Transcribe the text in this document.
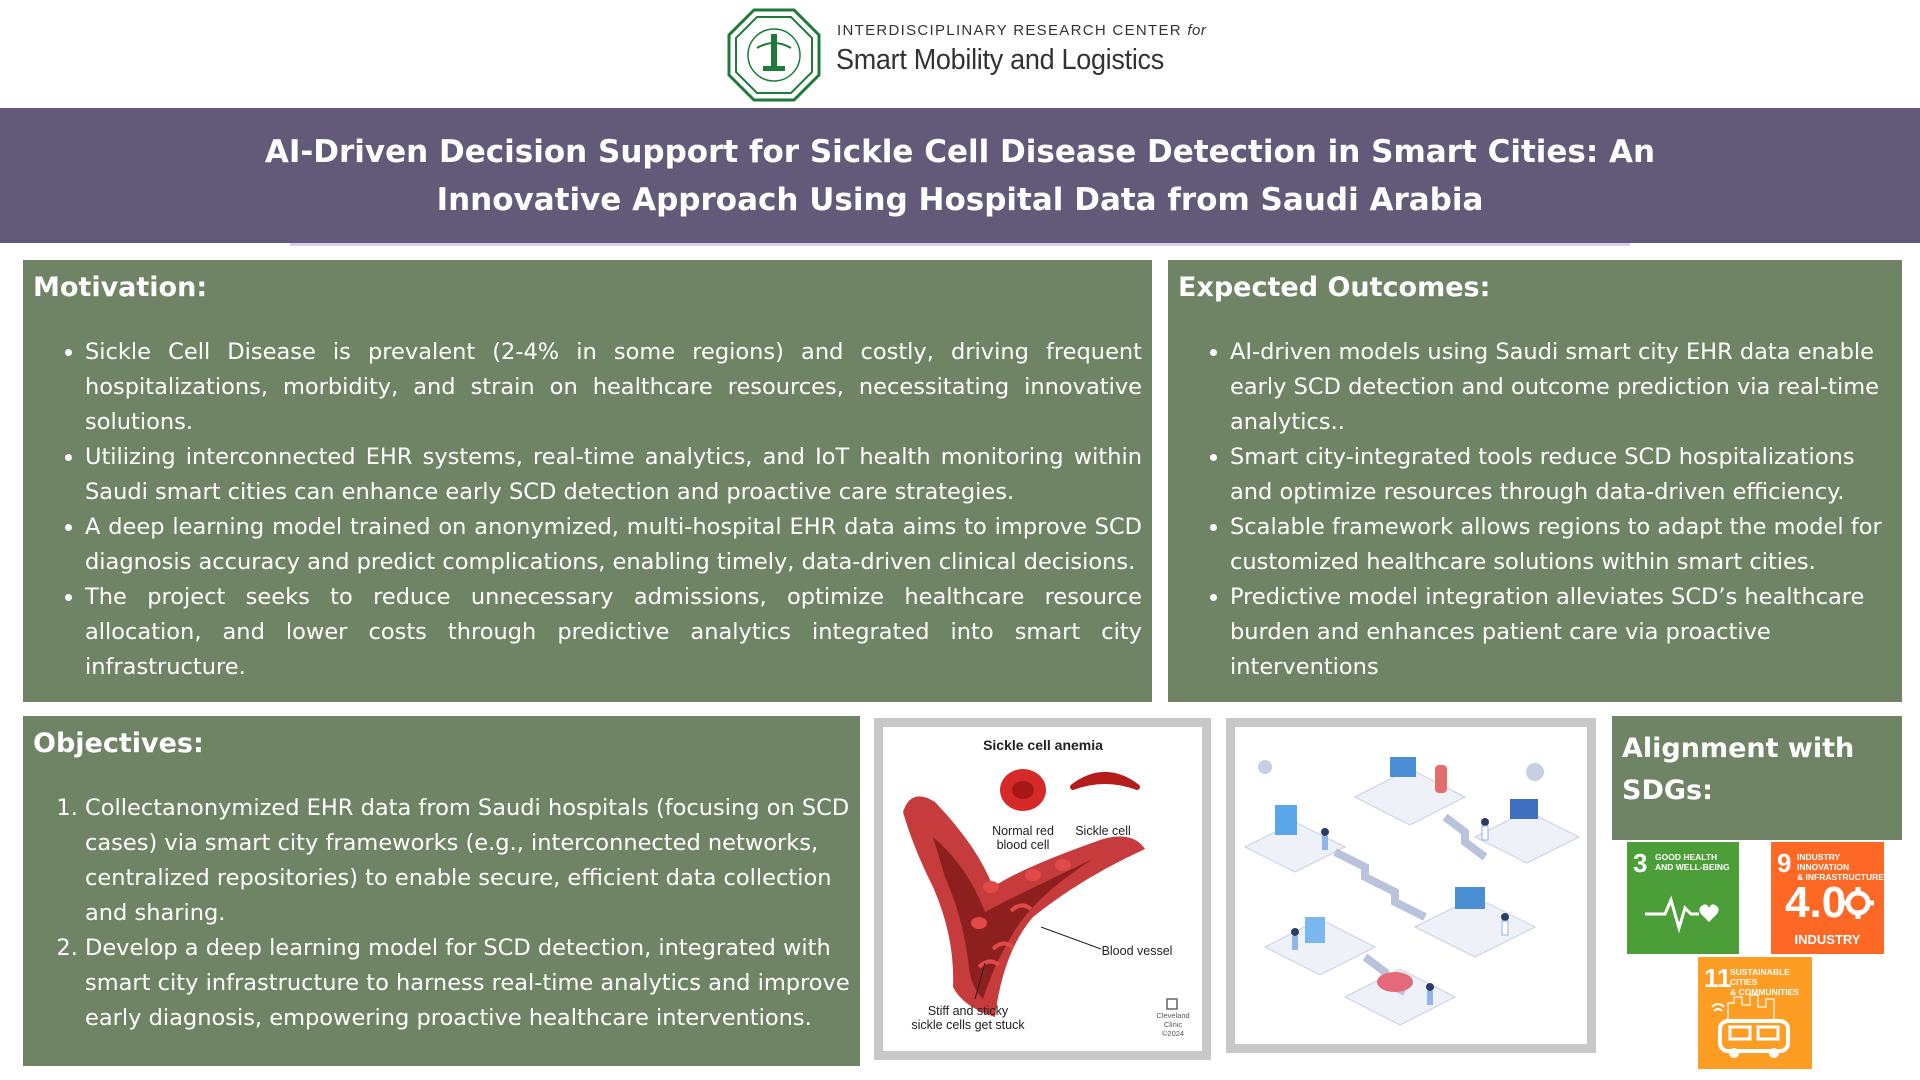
INTERDISCIPLINARY RESEARCH CENTER for
Smart Mobility and Logistics
AI-Driven Decision Support for Sickle Cell Disease Detection in Smart Cities: An
Innovative Approach Using Hospital Data from Saudi Arabia
Motivation:
• Sickle Cell Disease is prevalent (2-4% in some regions) and costly, driving frequent hospitalizations, morbidity, and strain on healthcare resources, necessitating innovative solutions.
• Utilizing interconnected EHR systems, real-time analytics, and IoT health monitoring within Saudi smart cities can enhance early SCD detection and proactive care strategies.
• A deep learning model trained on anonymized, multi-hospital EHR data aims to improve SCD diagnosis accuracy and predict complications, enabling timely, data-driven clinical decisions.
• The project seeks to reduce unnecessary admissions, optimize healthcare resource allocation, and lower costs through predictive analytics integrated into smart city infrastructure.
Expected Outcomes:
• AI-driven models using Saudi smart city EHR data enable early SCD detection and outcome prediction via real-time analytics..
• Smart city-integrated tools reduce SCD hospitalizations and optimize resources through data-driven efficiency.
• Scalable framework allows regions to adapt the model for customized healthcare solutions within smart cities.
• Predictive model integration alleviates SCD’s healthcare burden and enhances patient care via proactive interventions
Objectives:
1. Collectanonymized EHR data from Saudi hospitals (focusing on SCD cases) via smart city frameworks (e.g., interconnected networks, centralized repositories) to enable secure, efficient data collection and sharing.
2. Develop a deep learning model for SCD detection, integrated with smart city infrastructure to harness real-time analytics and improve early diagnosis, empowering proactive healthcare interventions.
Sickle cell anemia
Normal red
blood cell
Sickle cell
Blood vessel
Stiff and sticky
sickle cells get stuck
Cleveland
Clinic
©2024
Alignment with SDGs:
3 GOOD HEALTH
AND WELL-BEING 9 INDUSTRY INNOVATION
& INFRASTRUCTURE
4.0
INDUSTRY
11
SUSTAINABLE CITIES
& COMMUNITIES
